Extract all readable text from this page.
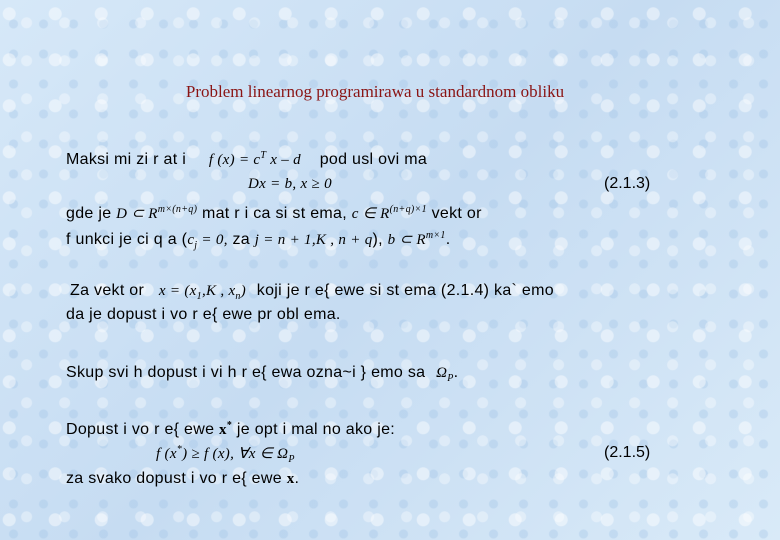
Problem linearnog programirawa u standardnom obliku
Maksi mi zi r at i f $(x) = c^T$ x – d pod usl ovi ma
Dx = b, x ≥ 0	(2.1.3)
gde je D ⊂ $R^{m\times(n+q)}$ mat r i ca si st ema, c ∈ $R^{(n+q)\times 1}$ vekt or
f unkci je ci q a ($c_j = 0$, za j = n + 1,K , n + q), b ⊂ $R^{m\times 1}$.
Za vekt or $x = (x_1,K$ , $x_n$) koji je r e{ ewe si st ema (2.1.4) ka` emo
da je dopust i vo r e{ ewe pr obl ema.
Skup svi h dopust i vi h r e{ ewa ozna~i } emo sa $\Omega_P$.
Dopust i vo r e{ ewe x* je opt i mal no ako je:
f (x*) ≥ f (x), ∀x ∈ $\Omega_P$	(2.1.5)
za svako dopust i vo r e{ ewe x.
